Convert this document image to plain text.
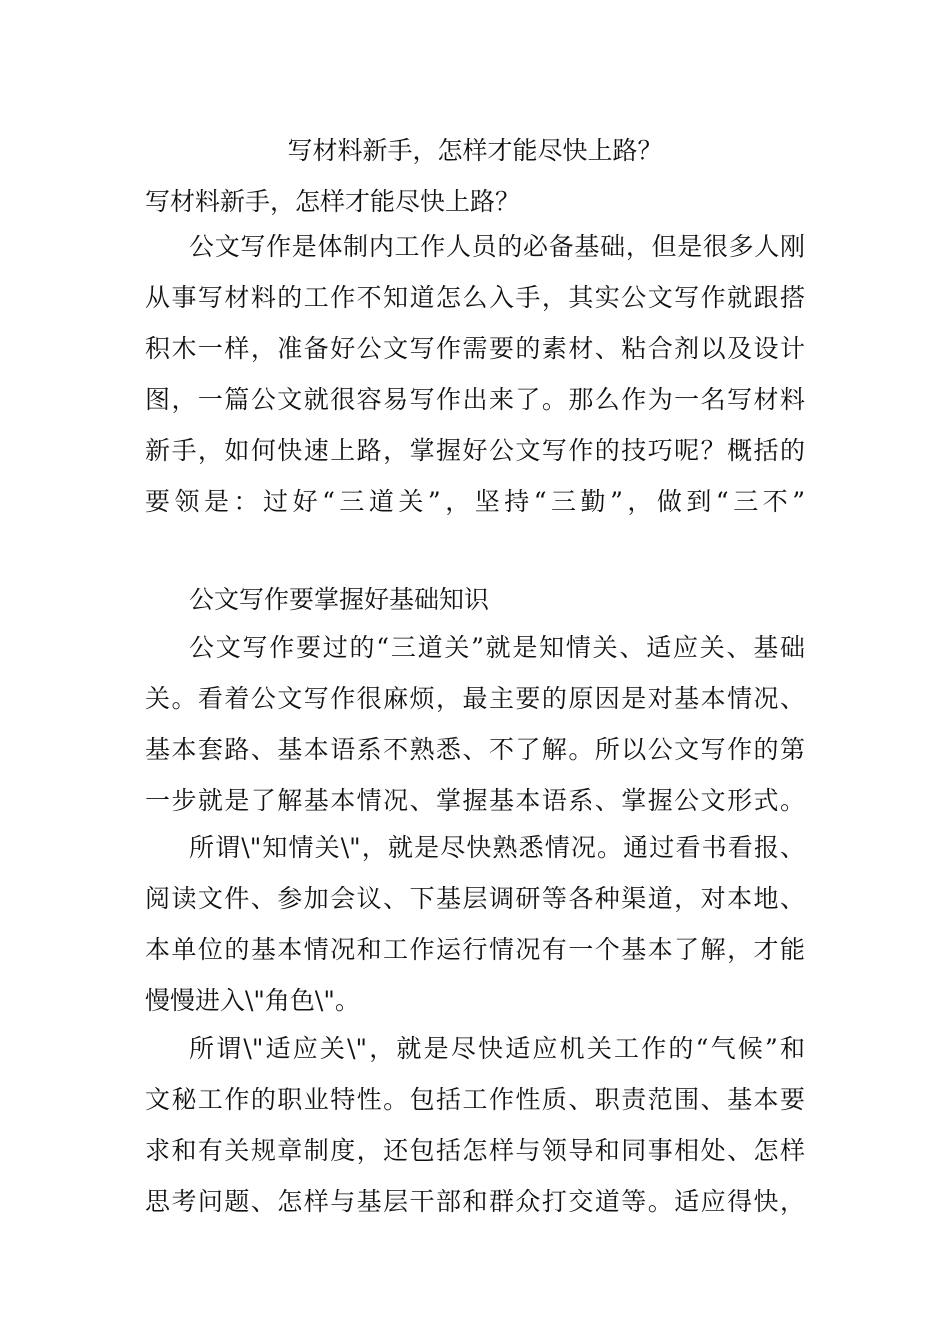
写材料新手，怎样才能尽快上路？
写材料新手，怎样才能尽快上路？
公文写作是体制内工作人员的必备基础，但是很多人刚
从事写材料的工作不知道怎么入手，其实公文写作就跟搭
积木一样，准备好公文写作需要的素材、粘合剂以及设计
图，一篇公文就很容易写作出来了。那么作为一名写材料
新手，如何快速上路，掌握好公文写作的技巧呢？概括的
要领是：过好“三道关”，坚持“三勤”，做到“三不”
公文写作要掌握好基础知识
公文写作要过的“三道关”就是知情关、适应关、基础
关。看着公文写作很麻烦，最主要的原因是对基本情况、
基本套路、基本语系不熟悉、不了解。所以公文写作的第
一步就是了解基本情况、掌握基本语系、掌握公文形式。
所谓\"知情关\"，就是尽快熟悉情况。通过看书看报、
阅读文件、参加会议、下基层调研等各种渠道，对本地、
本单位的基本情况和工作运行情况有一个基本了解，才能
慢慢进入\"角色\"。
所谓\"适应关\"，就是尽快适应机关工作的“气候”和
文秘工作的职业特性。包括工作性质、职责范围、基本要
求和有关规章制度，还包括怎样与领导和同事相处、怎样
思考问题、怎样与基层干部和群众打交道等。适应得快，
